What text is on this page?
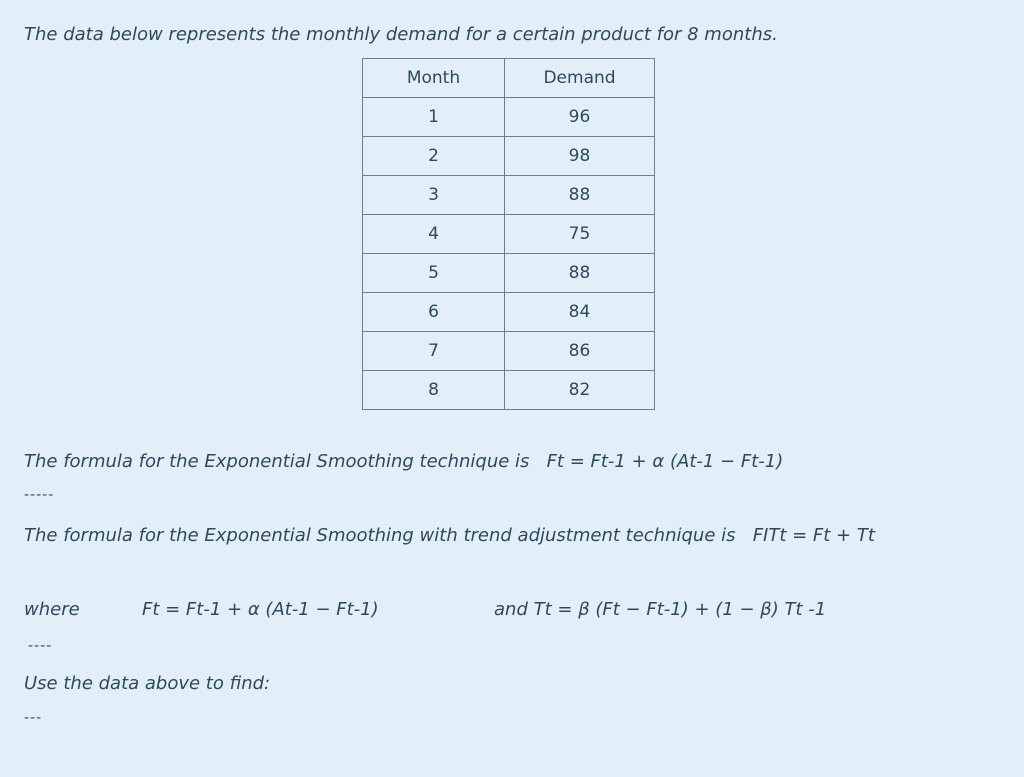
The data below represents the monthly demand for a certain product for 8 months.
Month	Demand
1	96
2	98
3	88
4	75
5	88
6	84
7	86
8	82
The formula for the Exponential Smoothing technique is Ft = Ft-1 + α (At-1 − Ft-1)
-----
The formula for the Exponential Smoothing with trend adjustment technique is FITt = Ft + Tt
where	Ft = Ft-1 + α (At-1 − Ft-1)	and Tt = β (Ft − Ft-1) + (1 − β) Tt -1
----
Use the data above to find:
---
